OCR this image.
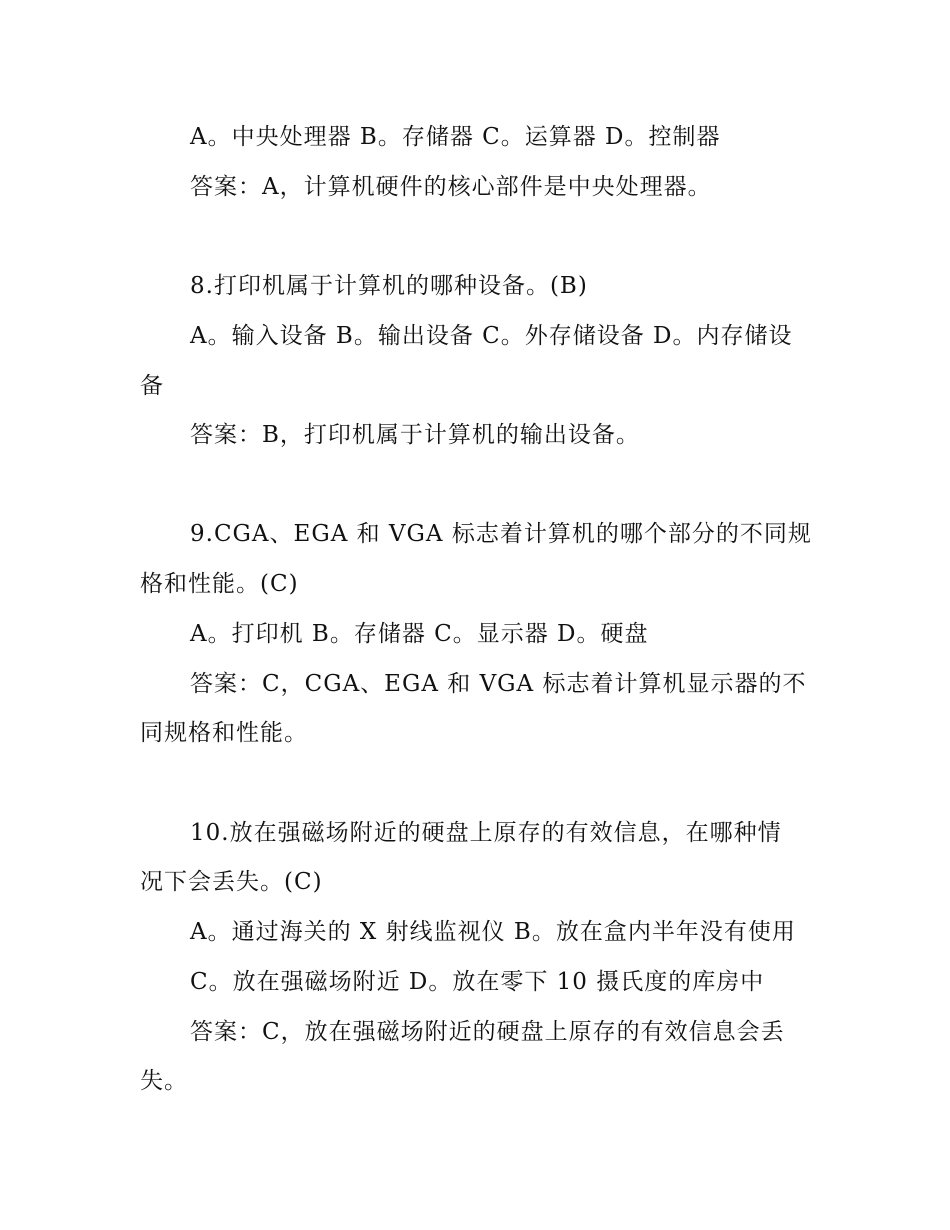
A。中央处理器 B。存储器 C。运算器 D。控制器
答案：A，计算机硬件的核心部件是中央处理器。
8.打印机属于计算机的哪种设备。(B)
A。输入设备 B。输出设备 C。外存储设备 D。内存储设
备
答案：B，打印机属于计算机的输出设备。
9.CGA、EGA 和 VGA 标志着计算机的哪个部分的不同规
格和性能。(C)
A。打印机 B。存储器 C。显示器 D。硬盘
答案：C，CGA、EGA 和 VGA 标志着计算机显示器的不
同规格和性能。
10.放在强磁场附近的硬盘上原存的有效信息，在哪种情
况下会丢失。(C)
A。通过海关的 X 射线监视仪 B。放在盒内半年没有使用
C。放在强磁场附近 D。放在零下 10 摄氏度的库房中
答案：C，放在强磁场附近的硬盘上原存的有效信息会丢
失。
